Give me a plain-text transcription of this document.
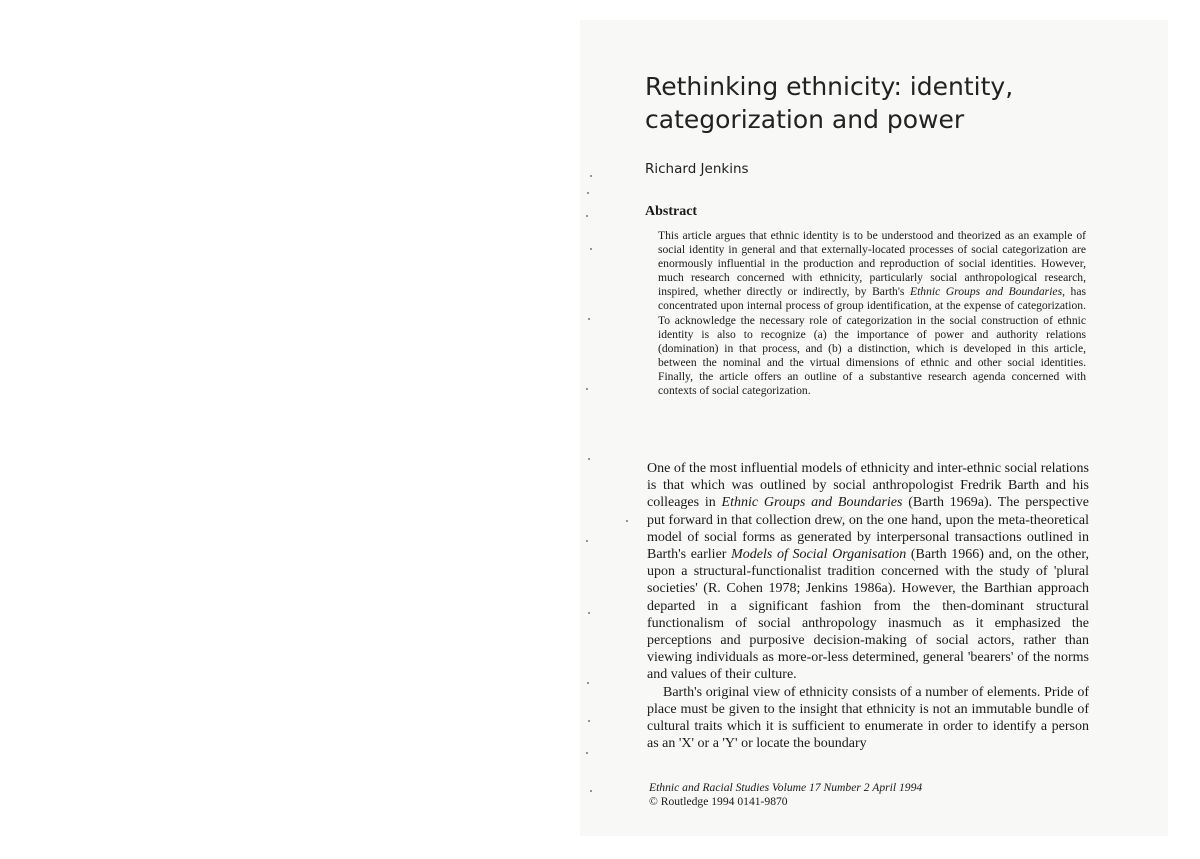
Rethinking ethnicity: identity, categorization and power
Richard Jenkins
Abstract

This article argues that ethnic identity is to be understood and theorized as an example of social identity in general and that externally-located processes of social categorization are enormously influential in the production and reproduction of social identities. However, much research concerned with ethnicity, particularly social anthropological research, inspired, whether directly or indirectly, by Barth's Ethnic Groups and Boundaries, has concentrated upon internal process of group identification, at the expense of categorization. To acknowledge the necessary role of categorization in the social construction of ethnic identity is also to recognize (a) the importance of power and authority relations (domination) in that process, and (b) a distinction, which is developed in this article, between the nominal and the virtual dimensions of ethnic and other social identities. Finally, the article offers an outline of a substantive research agenda concerned with contexts of social categorization.

One of the most influential models of ethnicity and inter-ethnic social relations is that which was outlined by social anthropologist Fredrik Barth and his colleages in Ethnic Groups and Boundaries (Barth 1969a). The perspective put forward in that collection drew, on the one hand, upon the meta-theoretical model of social forms as generated by interpersonal transactions outlined in Barth's earlier Models of Social Organisation (Barth 1966) and, on the other, upon a structural-functionalist tradition concerned with the study of 'plural societies' (R. Cohen 1978; Jenkins 1986a). However, the Barthian approach departed in a significant fashion from the then-dominant structural functionalism of social anthropology inasmuch as it emphasized the perceptions and purposive decision-making of social actors, rather than viewing individuals as more-or-less determined, general 'bearers' of the norms and values of their culture.

Barth's original view of ethnicity consists of a number of elements. Pride of place must be given to the insight that ethnicity is not an immutable bundle of cultural traits which it is sufficient to enumerate in order to identify a person as an 'X' or a 'Y' or locate the boundary

Ethnic and Racial Studies Volume 17 Number 2 April 1994
© Routledge 1994 0141-9870
